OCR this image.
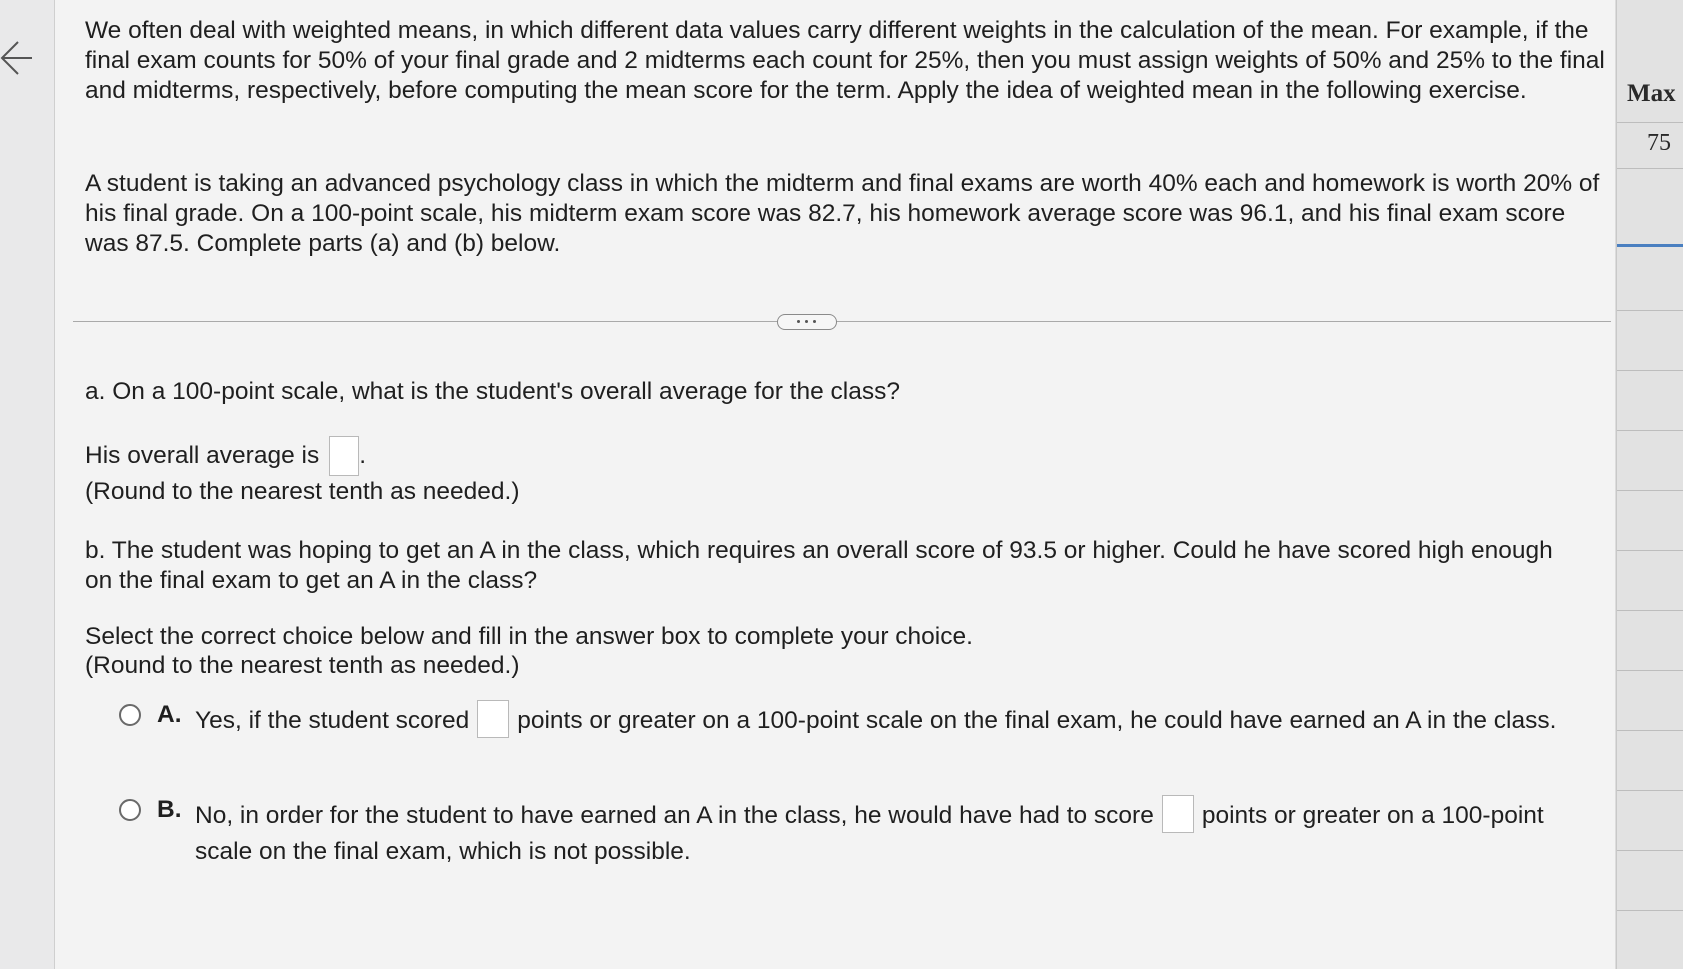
We often deal with weighted means, in which different data values carry different weights in the calculation of the mean. For example, if the final exam counts for 50% of your final grade and 2 midterms each count for 25%, then you must assign weights of 50% and 25% to the final and midterms, respectively, before computing the mean score for the term. Apply the idea of weighted mean in the following exercise.

A student is taking an advanced psychology class in which the midterm and final exams are worth 40% each and homework is worth 20% of his final grade. On a 100-point scale, his midterm exam score was 82.7, his homework average score was 96.1, and his final exam score was 87.5. Complete parts (a) and (b) below.

a. On a 100-point scale, what is the student's overall average for the class?

His overall average is .

(Round to the nearest tenth as needed.)

b. The student was hoping to get an A in the class, which requires an overall score of 93.5 or higher. Could he have scored high enough on the final exam to get an A in the class?

Select the correct choice below and fill in the answer box to complete your choice.

(Round to the nearest tenth as needed.)

A. Yes, if the student scored points or greater on a 100-point scale on the final exam, he could have earned an A in the class.
B. No, in order for the student to have earned an A in the class, he would have had to score points or greater on a 100-point scale on the final exam, which is not possible.
Max
75
